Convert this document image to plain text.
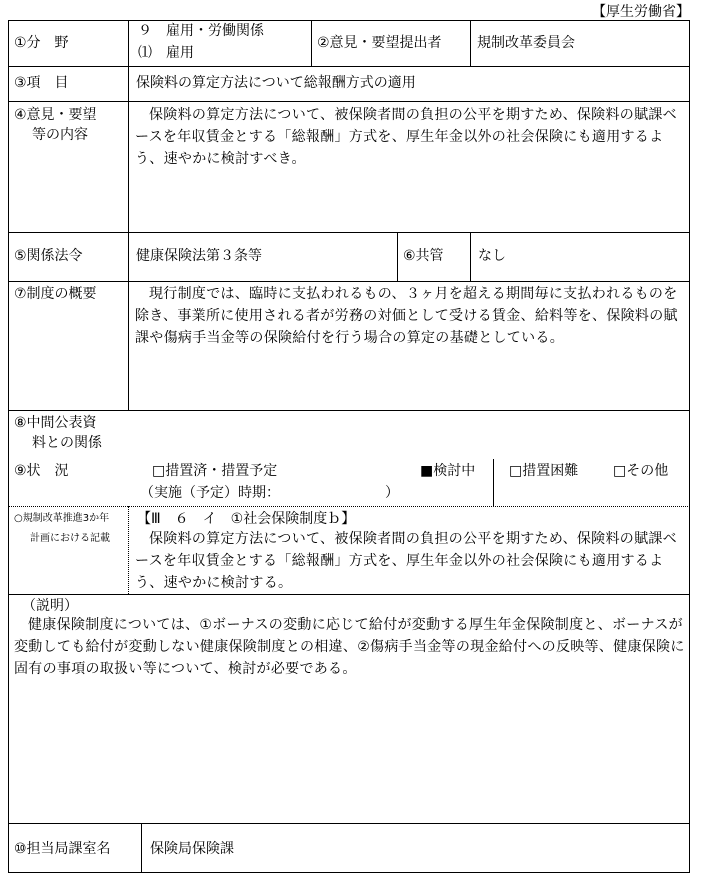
【厚生労働省】
①分　野
９　雇用・労働関係
⑴　雇用
②意見・要望提出者	規制改革委員会
③項　目	保険料の算定方法について総報酬方式の適用
④意見・要望
等の内容
保険料の算定方法について、被保険者間の負担の公平を期すため、保険料の賦課ベースを年収賃金とする「総報酬」方式を、厚生年金以外の社会保険にも適用するよう、速やかに検討すべき。
⑤関係法令	健康保険法第３条等	⑥共管 なし
⑦制度の概要	現行制度では、臨時に支払われるもの、３ヶ月を超える期間毎に支払われるものを除き、事業所に使用される者が労務の対価として受ける賃金、給料等を、保険料の賦課や傷病手当金等の保険給付を行う場合の算定の基礎としている。
⑧中間公表資
料との関係
⑨状　況	□措置済・措置予定
（実施（予定）時期：　　　　　　　　）
■検討中 □措置困難 □その他
○規制改革推進3か年
計画における記載
【Ⅲ　６　イ　①社会保険制度ｂ】
保険料の算定方法について、被保険者間の負担の公平を期すため、保険料の賦課ベースを年収賃金とする「総報酬」方式を、厚生年金以外の社会保険にも適用するよう、速やかに検討する。
（説明）
健康保険制度については、①ボーナスの変動に応じて給付が変動する厚生年金保険制度と、ボーナスが変動しても給付が変動しない健康保険制度との相違、②傷病手当金等の現金給付への反映等、健康保険に固有の事項の取扱い等について、検討が必要である。
⑩担当局課室名	保険局保険課
